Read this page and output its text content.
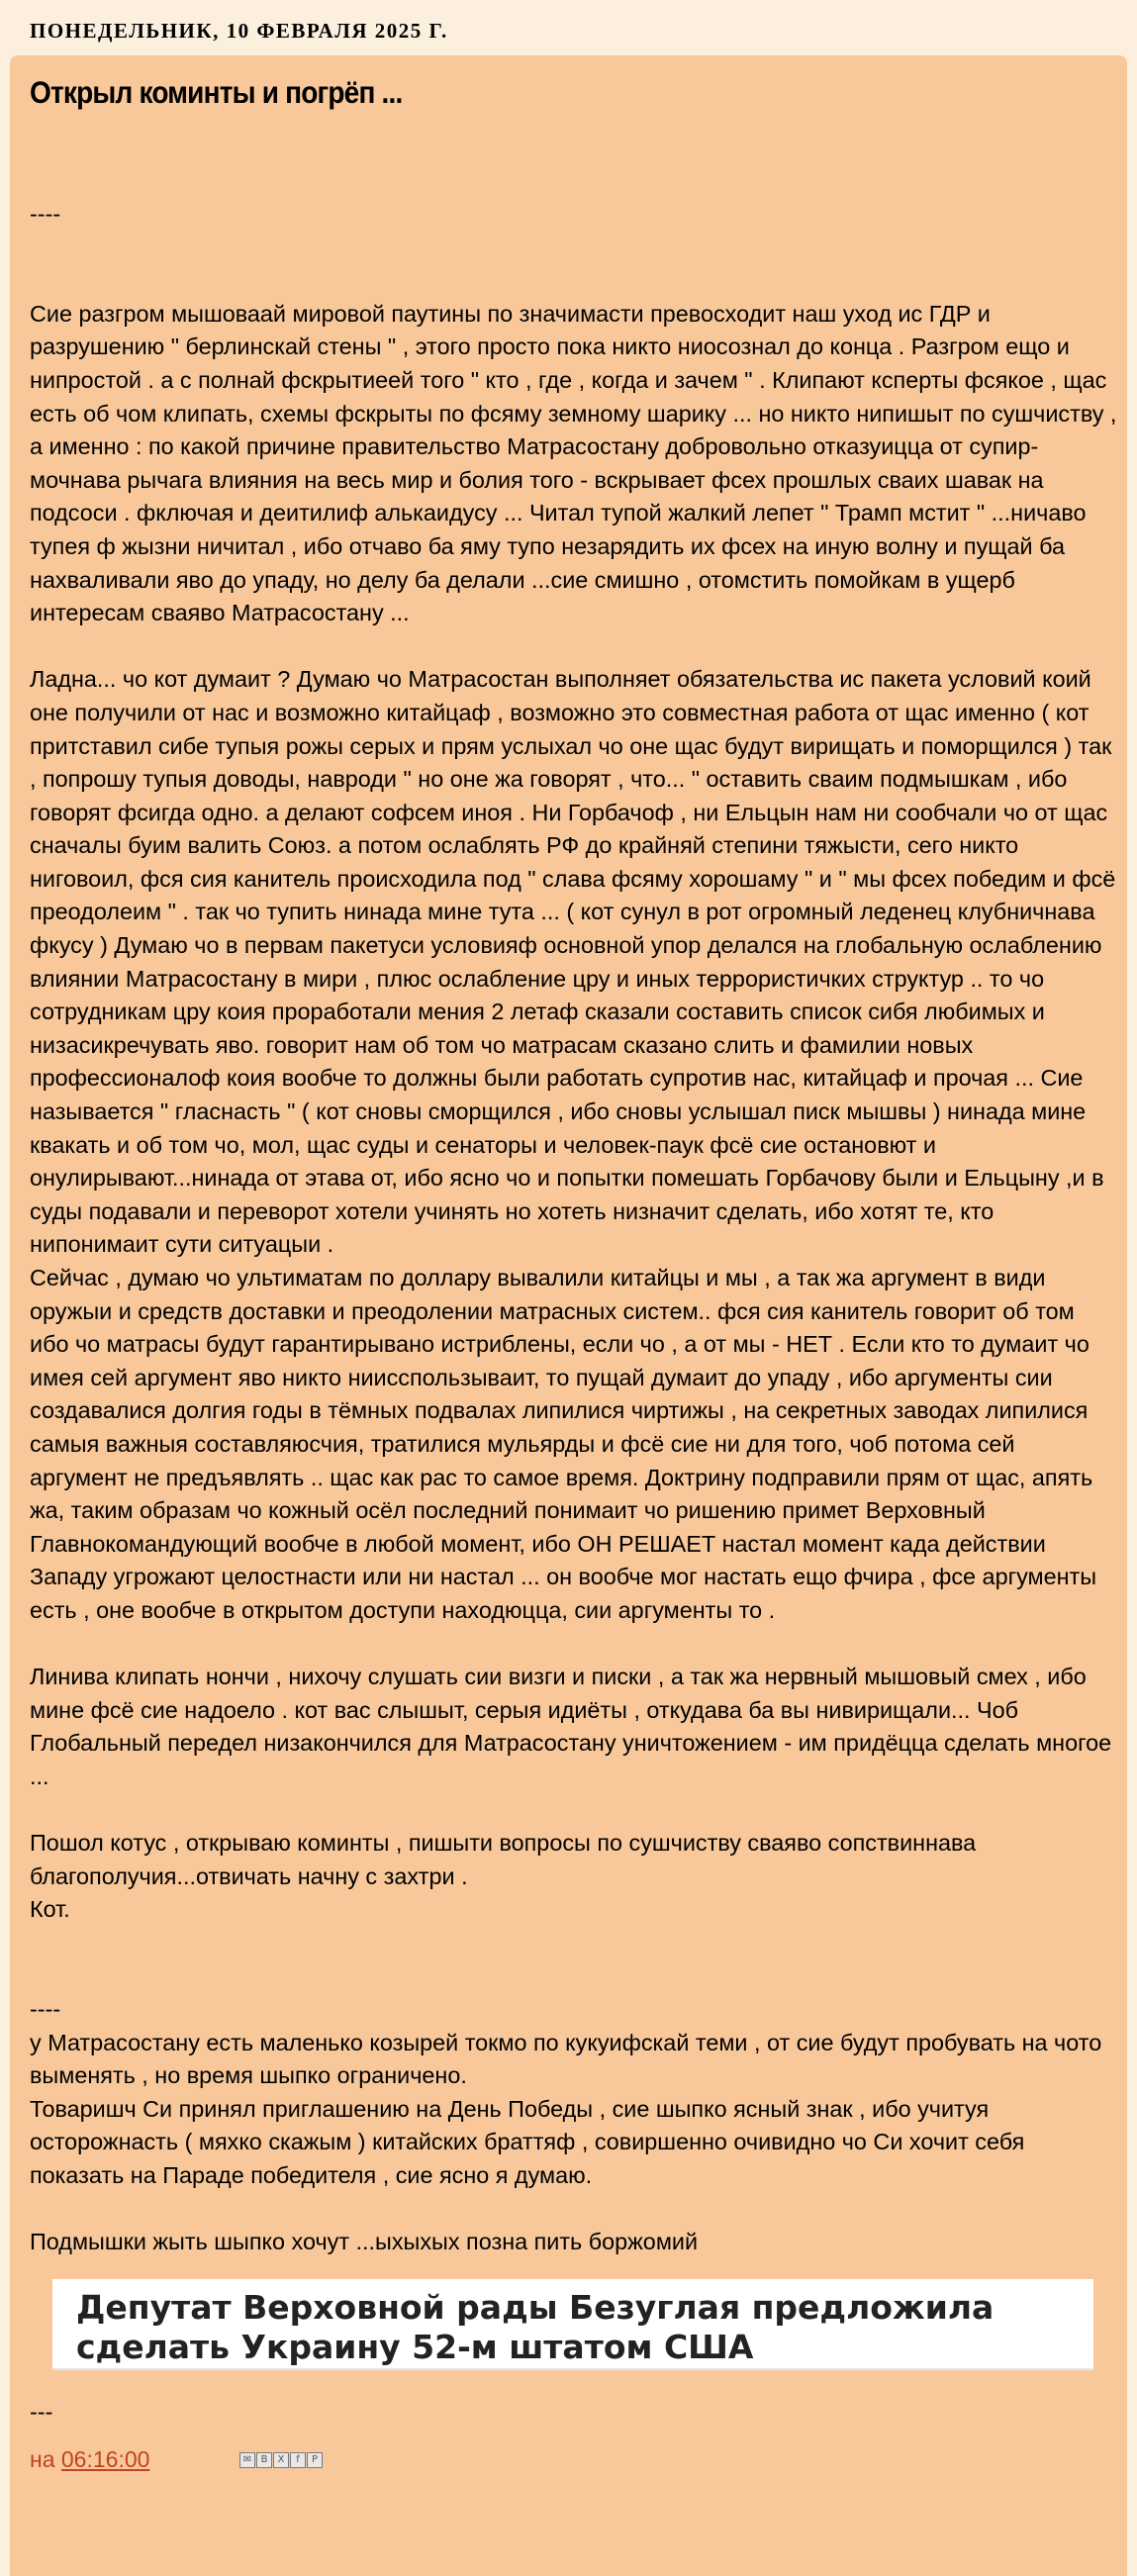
ПОНЕДЕЛЬНИК, 10 ФЕВРАЛЯ 2025 Г.
Открыл коминты и погрёп ...

----

Сие разгром мышоваай мировой паутины по значимасти превосходит наш уход ис ГДР и разрушению " берлинскай стены " , этого просто пока никто ниосознал до конца . Разгром ещо и нипростой . а с полнай фскрытиеей того " кто , где , когда и зачем " . Клипают ксперты фсякое , щас есть об чом клипать, схемы фскрыты по фсяму земному шарику ... но никто нипишыт по сушчиству , а именно : по какой причине правительство Матрасостану добровольно отказуицца от супир-мочнава рычага влияния на весь мир и болия того - вскрывает фсех прошлых сваих шавак на подсоси . фключая и деитилиф алькаидусу ... Читал тупой жалкий лепет " Трамп мстит " ...ничаво тупея ф жызни ничитал , ибо отчаво ба яму тупо незарядить их фсех на иную волну и пущай ба нахваливали яво до упаду, но делу ба делали ...сие смишно , отомстить помойкам в ущерб интересам сваяво Матрасостану ...

Ладна... чо кот думаит ? Думаю чо Матрасостан выполняет обязательства ис пакета условий коий оне получили от нас и возможно китайцаф , возможно это совместная работа от щас именно ( кот притставил сибе тупыя рожы серых и прям услыхал чо оне щас будут вирищать и поморщился ) так , попрошу тупыя доводы, навроди " но оне жа говорят , что... " оставить сваим подмышкам , ибо говорят фсигда одно. а делают софсем иноя . Ни Горбачоф , ни Ельцын нам ни сообчали чо от щас сначалы буим валить Союз. а потом ослаблять РФ до крайняй степини тяжысти, сего никто ниговоил, фся сия канитель происходила под " слава фсяму хорошаму " и " мы фсех победим и фсё преодолеим " . так чо тупить нинада мине тута ... ( кот сунул в рот огромный леденец клубничнава фкусу ) Думаю чо в первам пакетуси условияф основной упор делался на глобальную ослаблению влиянии Матрасостану в мири , плюс ослабление цру и иных террористичких структур .. то чо сотрудникам цру коия проработали мения 2 летаф сказали составить список сибя любимых и низасикречувать яво. говорит нам об том чо матрасам сказано слить и фамилии новых профессионалоф коия вообче то должны были работать супротив нас, китайцаф и прочая ... Сие называется " гласнасть " ( кот сновы сморщился , ибо сновы услышал писк мышвы ) нинада мине квакать и об том чо, мол, щас суды и сенаторы и человек-паук фсё сие остановют и онулирывают...нинада от этава от, ибо ясно чо и попытки помешать Горбачову были и Ельцыну ,и в суды подавали и переворот хотели учинять но хотеть низначит сделать, ибо хотят те, кто нипонимаит сути ситуацыи .
Сейчас , думаю чо ультиматам по доллару вывалили китайцы и мы , а так жа аргумент в види оружыи и средств доставки и преодолении матрасных систем.. фся сия канитель говорит об том ибо чо матрасы будут гарантирывано истриблены, если чо , а от мы - НЕТ . Если кто то думаит чо имея сей аргумент яво никто ниисспользываит, то пущай думаит до упаду , ибо аргументы сии создавалися долгия годы в тёмных подвалах липилися чиртижы , на секретных заводах липилися самыя важныя составляюсчия, тратилися мульярды и фсё сие ни для того, чоб потома сей аргумент не предъявлять .. щас как рас то самое время. Доктрину подправили прям от щас, апять жа, таким образам чо кожный осёл последний понимаит чо ришению примет Верховный Главнокомандующий вообче в любой момент, ибо ОН РЕШАЕТ настал момент када действии Западу угрожают целостнасти или ни настал ... он вообче мог настать ещо фчира , фсе аргументы есть , оне вообче в открытом доступи находюцца, сии аргументы то .

Линива клипать нончи , нихочу слушать сии визги и писки , а так жа нервный мышовый смех , ибо мине фсё сие надоело . кот вас слышыт, серыя идиёты , откудава ба вы нивирищали... Чоб Глобальный передел низакончился для Матрасостану уничтожением - им придёцца сделать многое ...

Пошол котус , открываю коминты , пишыти вопросы по сушчиству сваяво сопствиннава благополучия...отвичать начну с захтри .
Кот.

----
у Матрасостану есть маленько козырей токмо по кукуифскай теми , от сие будут пробувать на чото выменять , но время шыпко ограничено.
Товаришч Си принял приглашению на День Победы , сие шыпко ясный знак , ибо учитуя осторожнасть ( мяхко скажым ) китайских браттяф , совиршенно очивидно чо Си хочит себя показать на Параде победителя , сие ясно я думаю.

Подмышки жыть шыпко хочут ...ыхыхых позна пить боржомий

Депутат Верховной рады Безуглая предложила сделать Украину 52-м штатом США
---
на 06:16:00	✉ B	X	f	P
